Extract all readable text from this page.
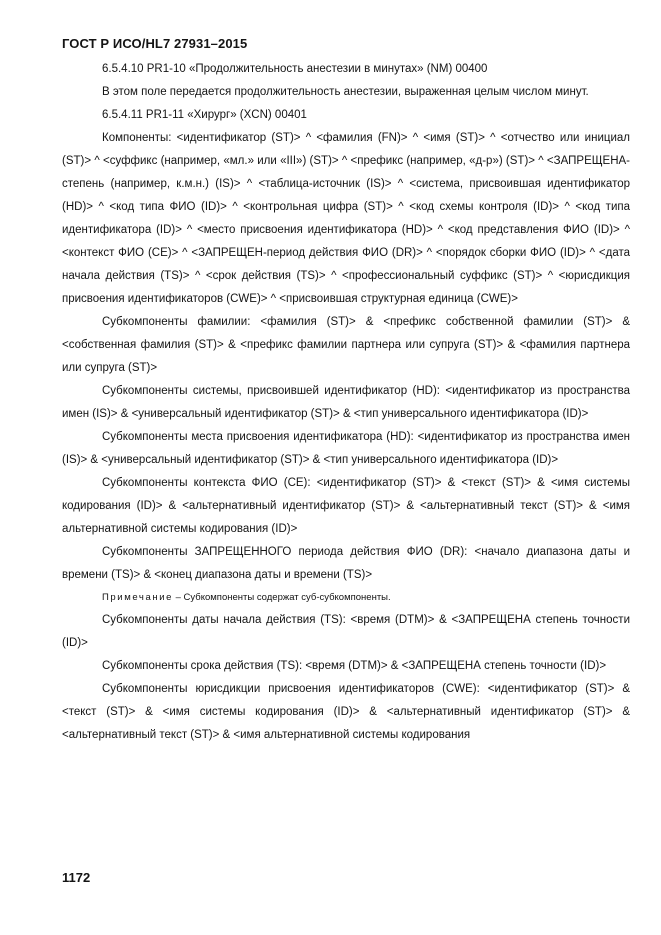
ГОСТ Р ИСО/HL7 27931–2015

6.5.4.10 PR1-10 «Продолжительность анестезии в минутах» (NM) 00400

В этом поле передается продолжительность анестезии, выраженная целым числом минут.

6.5.4.11 PR1-11 «Хирург» (XCN) 00401

Компоненты: <идентификатор (ST)> ^ <фамилия (FN)> ^ <имя (ST)> ^ <отчество или инициал (ST)> ^ <суффикс (например, «мл.» или «III») (ST)> ^ <префикс (например, «д-р») (ST)> ^ <ЗАПРЕЩЕНА-степень (например, к.м.н.) (IS)> ^ <таблица-источник (IS)> ^ <система, присвоившая идентификатор (HD)> ^ <код типа ФИО (ID)> ^ <контрольная цифра (ST)> ^ <код схемы контроля (ID)> ^ <код типа идентификатора (ID)> ^ <место присвоения идентификатора (HD)> ^ <код представления ФИО (ID)> ^ <контекст ФИО (CE)> ^ <ЗАПРЕЩЕН-период действия ФИО (DR)> ^ <порядок сборки ФИО (ID)> ^ <дата начала действия (TS)> ^ <срок действия (TS)> ^ <профессиональный суффикс (ST)> ^ <юрисдикция присвоения идентификаторов (CWE)> ^ <присвоившая структурная единица (CWE)>

Субкомпоненты фамилии: <фамилия (ST)> & <префикс собственной фамилии (ST)> & <собственная фамилия (ST)> & <префикс фамилии партнера или супруга (ST)> & <фамилия партнера или супруга (ST)>

Субкомпоненты системы, присвоившей идентификатор (HD): <идентификатор из пространства имен (IS)> & <универсальный идентификатор (ST)> & <тип универсального идентификатора (ID)>

Субкомпоненты места присвоения идентификатора (HD): <идентификатор из пространства имен (IS)> & <универсальный идентификатор (ST)> & <тип универсального идентификатора (ID)>

Субкомпоненты контекста ФИО (CE): <идентификатор (ST)> & <текст (ST)> & <имя системы кодирования (ID)> & <альтернативный идентификатор (ST)> & <альтернативный текст (ST)> & <имя альтернативной системы кодирования (ID)>

Субкомпоненты ЗАПРЕЩЕННОГО периода действия ФИО (DR): <начало диапазона даты и времени (TS)> & <конец диапазона даты и времени (TS)>

Примечание – Субкомпоненты содержат суб-субкомпоненты.

Субкомпоненты даты начала действия (TS): <время (DTM)> & <ЗАПРЕЩЕНА степень точности (ID)>

Субкомпоненты срока действия (TS): <время (DTM)> & <ЗАПРЕЩЕНА степень точности (ID)>

Субкомпоненты юрисдикции присвоения идентификаторов (CWE): <идентификатор (ST)> & <текст (ST)> & <имя системы кодирования (ID)> & <альтернативный идентификатор (ST)> & <альтернативный текст (ST)> & <имя альтернативной системы кодирования

1172
